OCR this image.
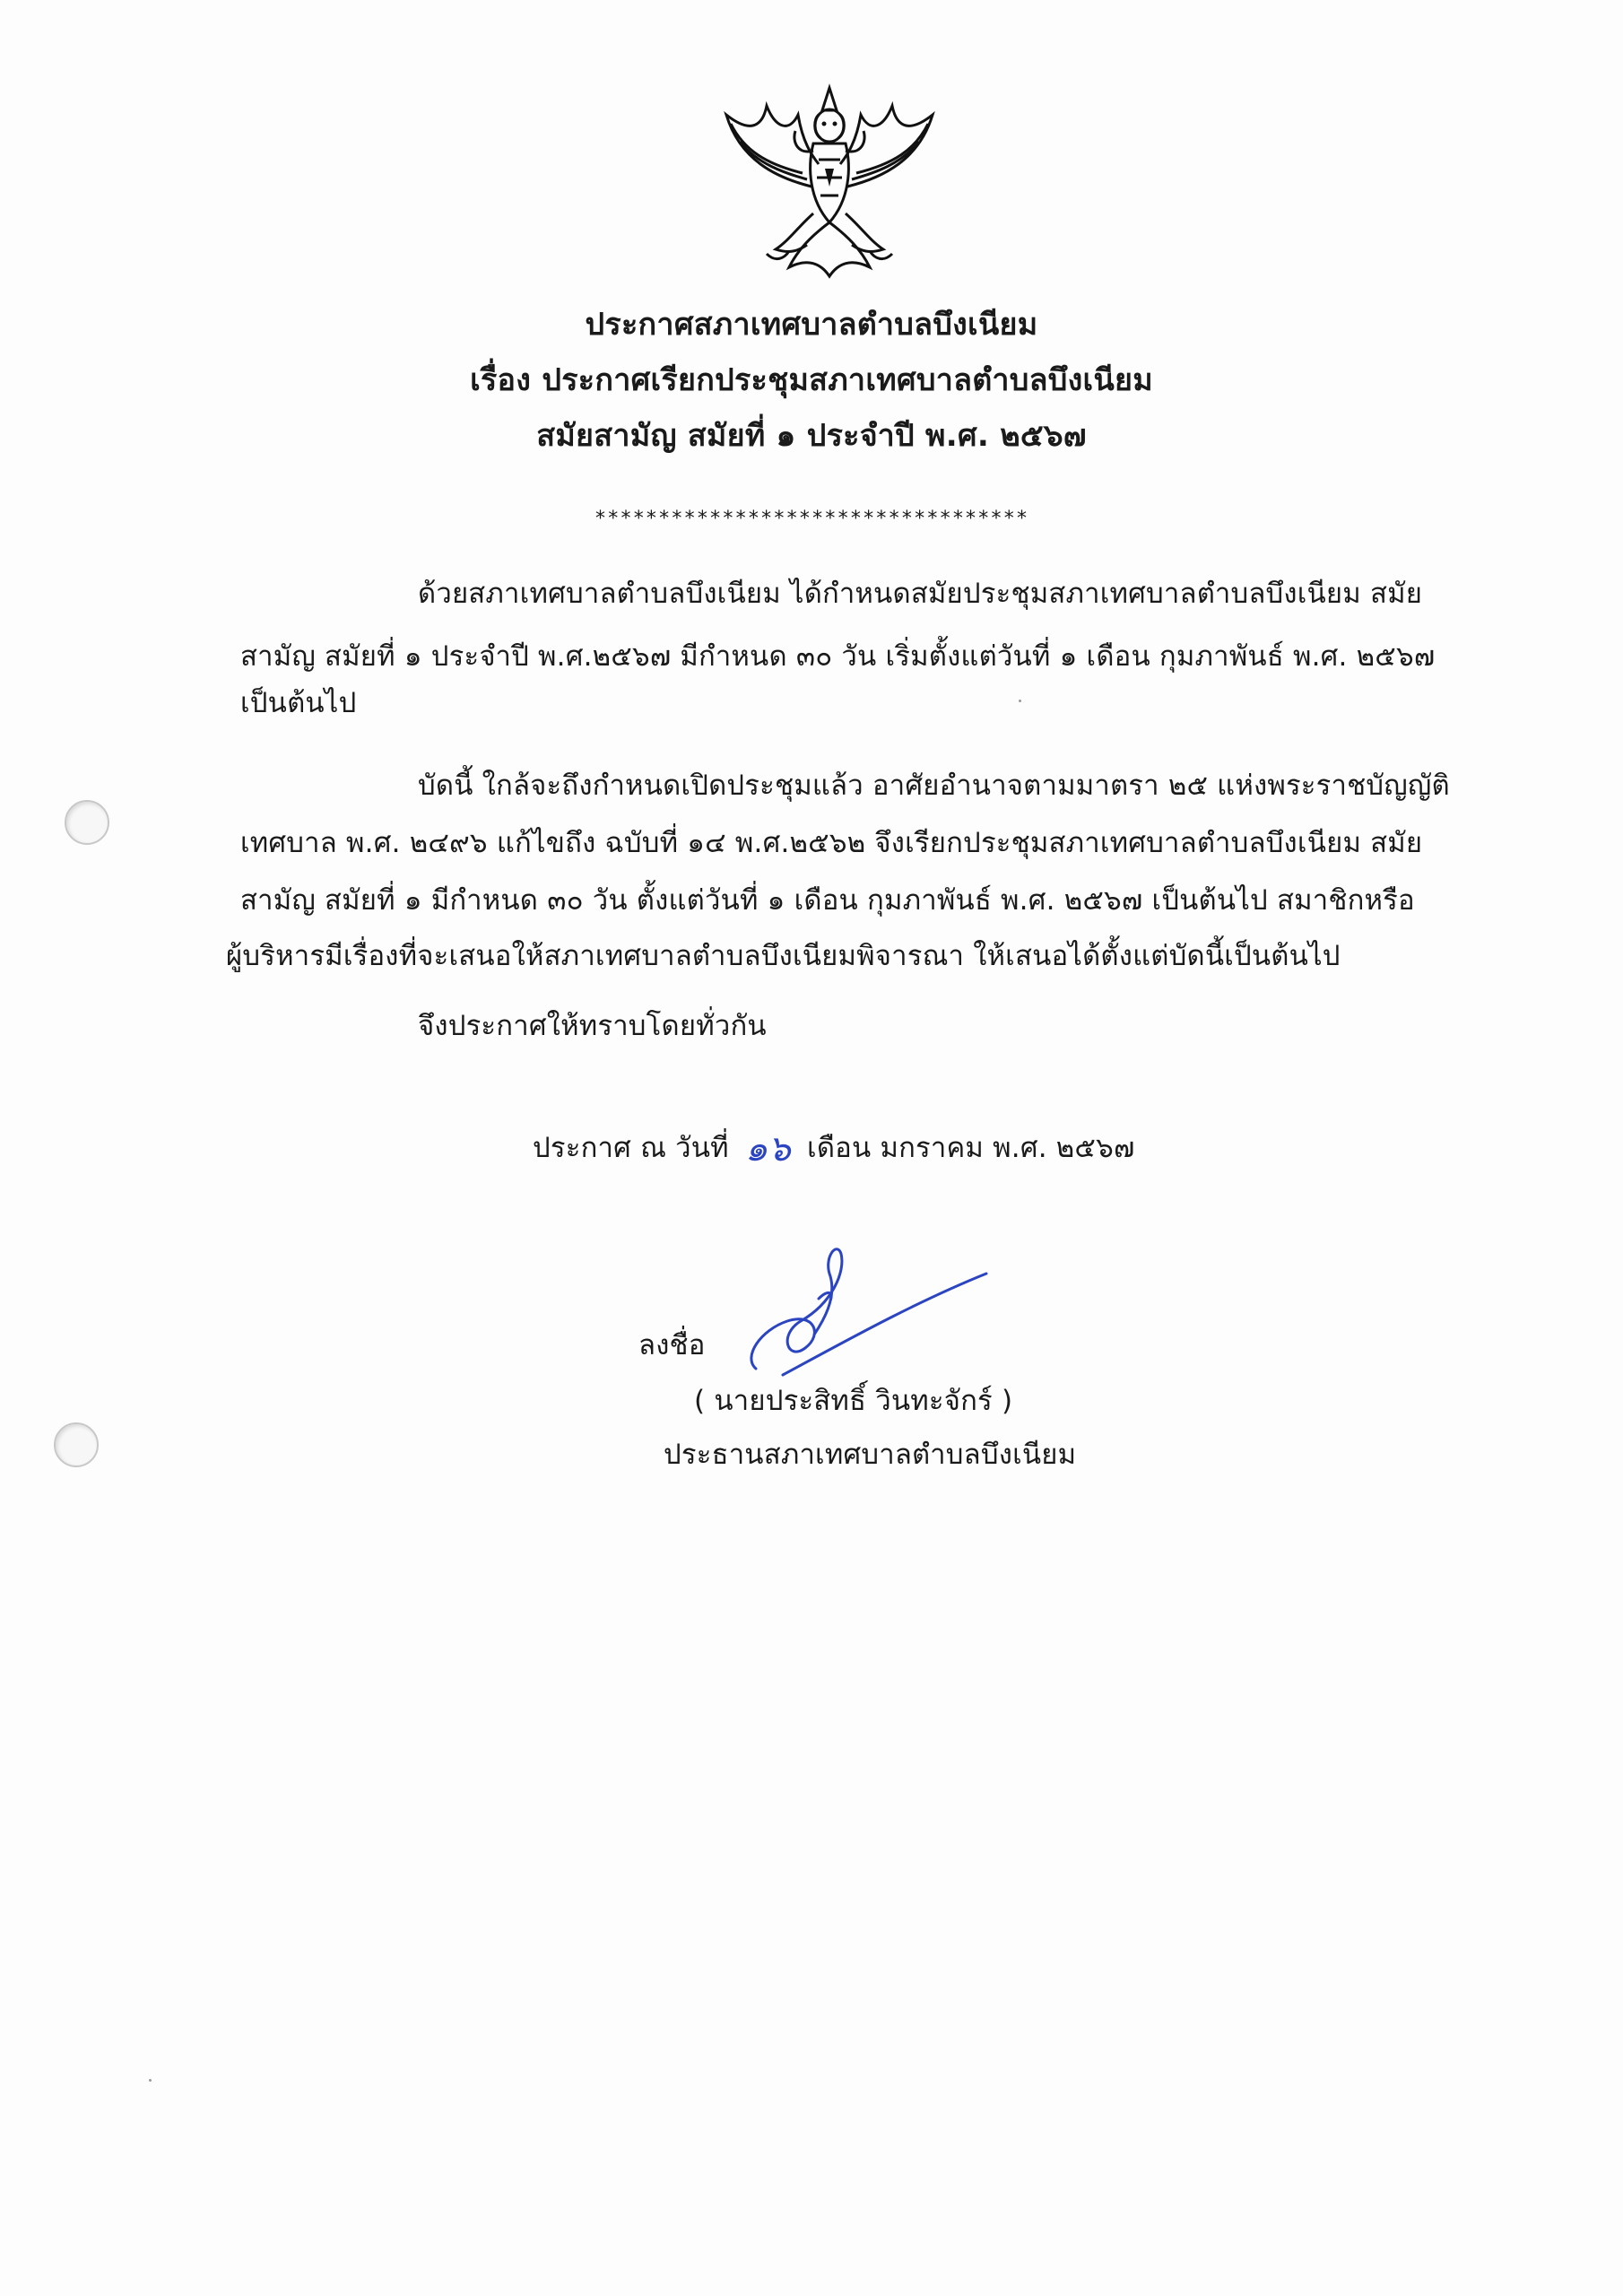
ประกาศสภาเทศบาลตำบลบึงเนียม
เรื่อง ประกาศเรียกประชุมสภาเทศบาลตำบลบึงเนียม
สมัยสามัญ สมัยที่ ๑ ประจำปี พ.ศ. ๒๕๖๗
**********************************
ด้วยสภาเทศบาลตำบลบึงเนียม ได้กำหนดสมัยประชุมสภาเทศบาลตำบลบึงเนียม สมัย
สามัญ สมัยที่ ๑ ประจำปี พ.ศ.๒๕๖๗ มีกำหนด ๓๐ วัน เริ่มตั้งแต่วันที่ ๑ เดือน กุมภาพันธ์ พ.ศ. ๒๕๖๗
เป็นต้นไป
บัดนี้ ใกล้จะถึงกำหนดเปิดประชุมแล้ว อาศัยอำนาจตามมาตรา ๒๕ แห่งพระราชบัญญัติ
เทศบาล พ.ศ. ๒๔๙๖ แก้ไขถึง ฉบับที่ ๑๔ พ.ศ.๒๕๖๒ จึงเรียกประชุมสภาเทศบาลตำบลบึงเนียม สมัย
สามัญ สมัยที่ ๑ มีกำหนด ๓๐ วัน ตั้งแต่วันที่ ๑ เดือน กุมภาพันธ์ พ.ศ. ๒๕๖๗ เป็นต้นไป สมาชิกหรือ
ผู้บริหารมีเรื่องที่จะเสนอให้สภาเทศบาลตำบลบึงเนียมพิจารณา ให้เสนอได้ตั้งแต่บัดนี้เป็นต้นไป
จึงประกาศให้ทราบโดยทั่วกัน
ประกาศ ณ วันที่ ๑๖ เดือน มกราคม พ.ศ. ๒๕๖๗
ลงชื่อ
( นายประสิทธิ์ วินทะจักร์ )
ประธานสภาเทศบาลตำบลบึงเนียม
